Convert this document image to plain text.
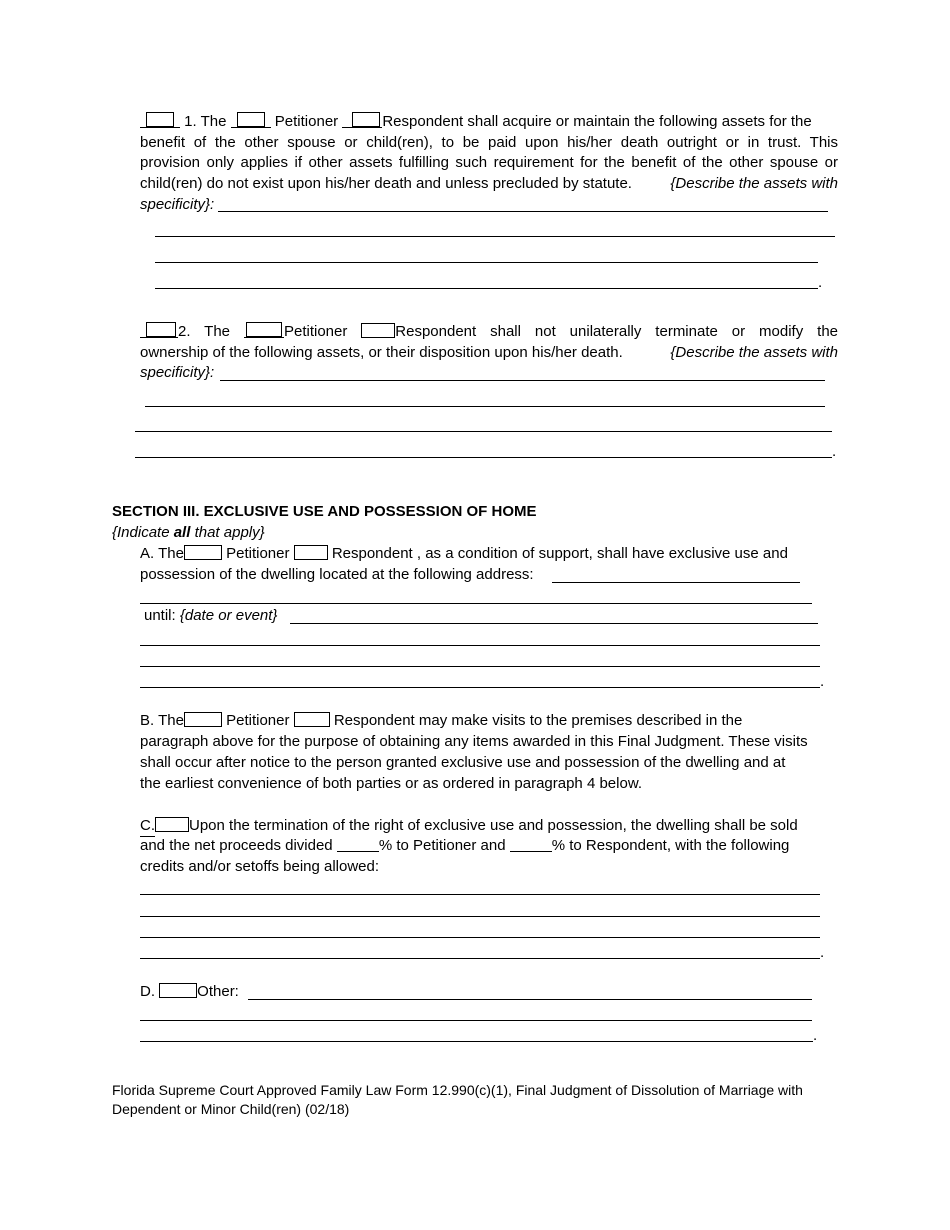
1. The	Petitioner	Respondent shall acquire or maintain the following assets for the
benefit of the other spouse or child(ren), to be paid upon his/her death outright or in trust. This
provision only applies if other assets fulfilling such requirement for the benefit of the other spouse or
child(ren) do not exist upon his/her death and unless precluded by statute.	{Describe the assets with
specificity}:
.
2. The	Petitioner	Respondent shall not unilaterally terminate or modify the
ownership of the following assets, or their disposition upon his/her death.	{Describe the assets with
specificity}:
.
SECTION III. EXCLUSIVE USE AND POSSESSION OF HOME
{Indicate all that apply}
A. The	Petitioner	Respondent , as a condition of support, shall have exclusive use and
possession of the dwelling located at the following address:
until: {date or event}
.
B. The	Petitioner	Respondent may make visits to the premises described in the
paragraph above for the purpose of obtaining any items awarded in this Final Judgment. These visits
shall occur after notice to the person granted exclusive use and possession of the dwelling and at
the earliest convenience of both parties or as ordered in paragraph 4 below.
C. Upon the termination of the right of exclusive use and possession, the dwelling shall be sold
and the net proceeds divided	% to Petitioner and	% to Respondent, with the following
credits and/or setoffs being allowed:
.
D.	Other:
.
Florida Supreme Court Approved Family Law Form 12.990(c)(1), Final Judgment of Dissolution of Marriage with
Dependent or Minor Child(ren) (02/18)
